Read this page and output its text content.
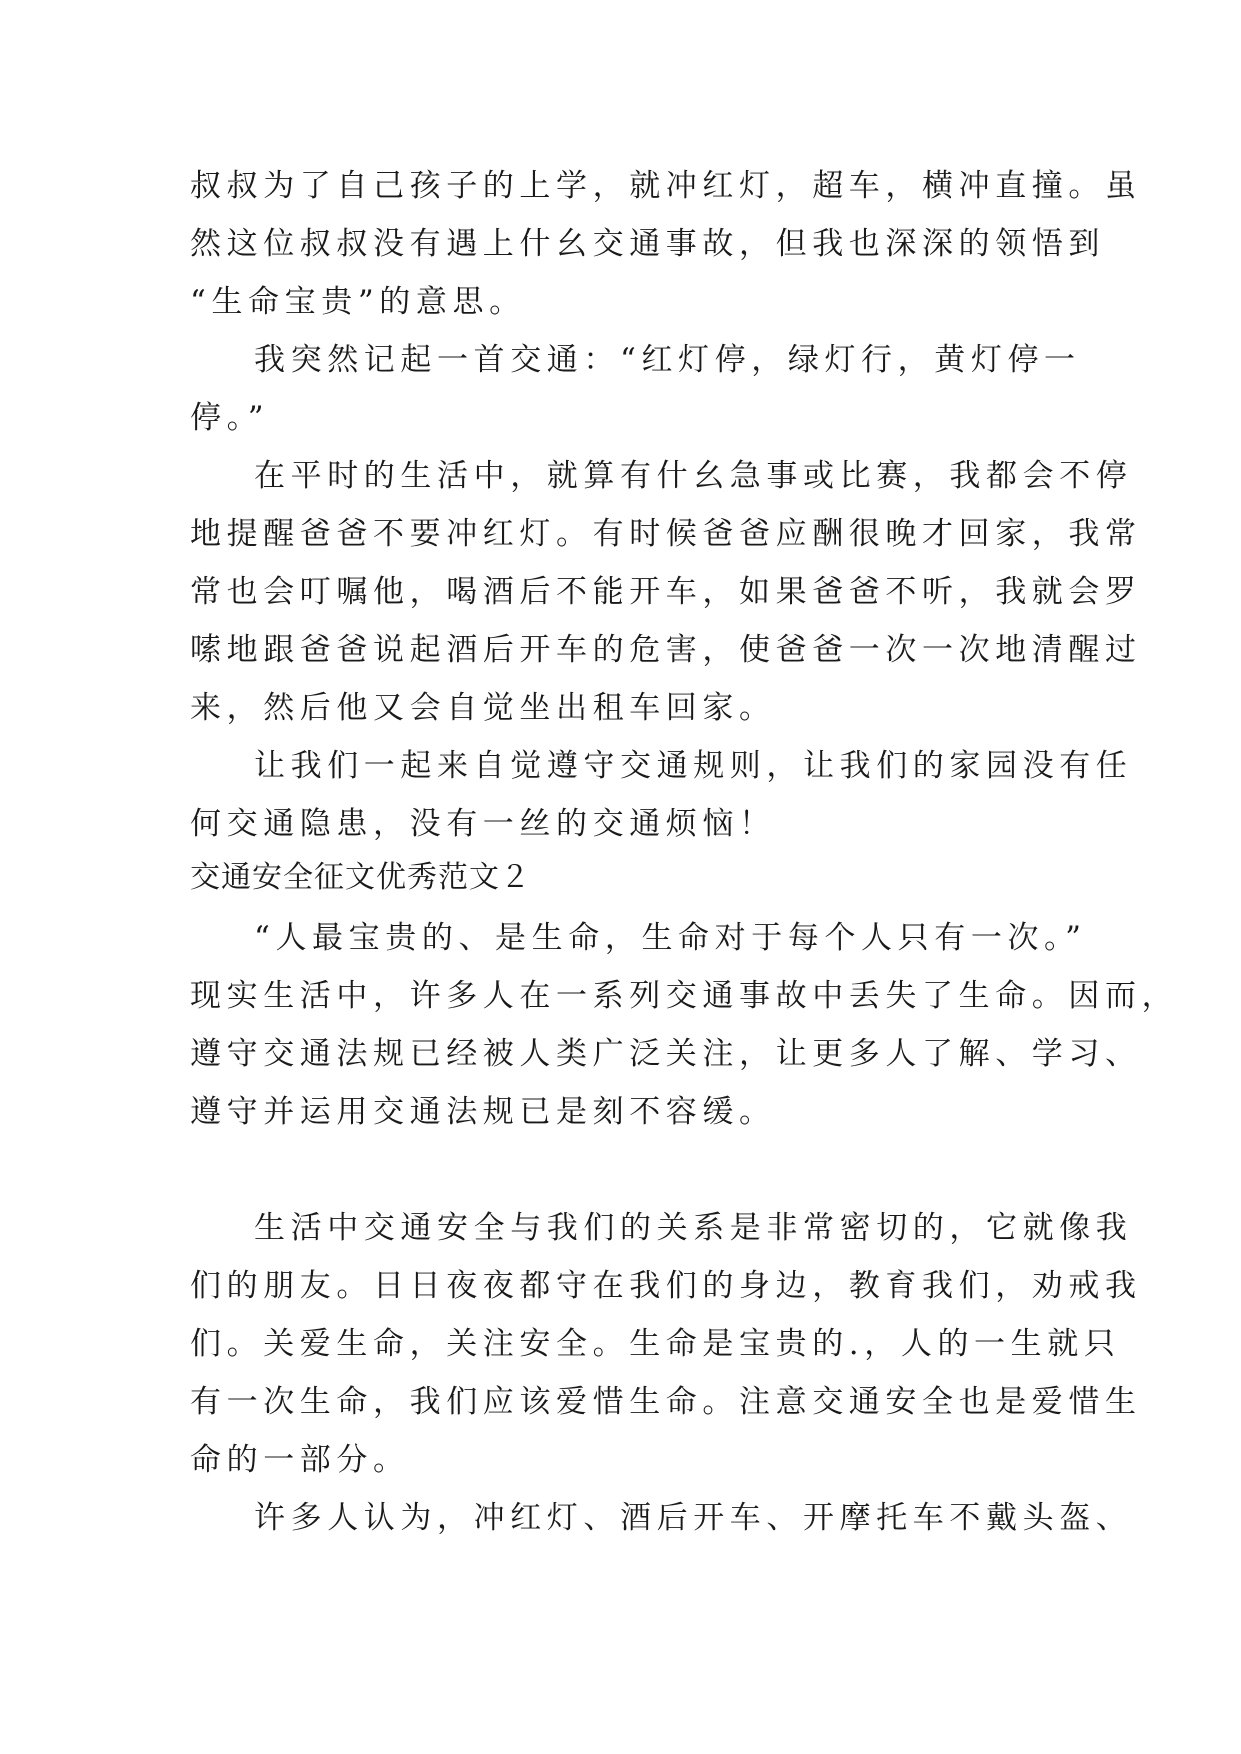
叔叔为了自己孩子的上学，就冲红灯，超车，横冲直撞。虽
然这位叔叔没有遇上什幺交通事故，但我也深深的领悟到
“生命宝贵”的意思。
我突然记起一首交通：“红灯停，绿灯行，黄灯停一
停。”
在平时的生活中，就算有什幺急事或比赛，我都会不停
地提醒爸爸不要冲红灯。有时候爸爸应酬很晚才回家，我常
常也会叮嘱他，喝酒后不能开车，如果爸爸不听，我就会罗
嗦地跟爸爸说起酒后开车的危害，使爸爸一次一次地清醒过
来，然后他又会自觉坐出租车回家。
让我们一起来自觉遵守交通规则，让我们的家园没有任
何交通隐患，没有一丝的交通烦恼！
交通安全征文优秀范文２
“人最宝贵的、是生命，生命对于每个人只有一次。”
现实生活中，许多人在一系列交通事故中丢失了生命。因而，
遵守交通法规已经被人类广泛关注，让更多人了解、学习、
遵守并运用交通法规已是刻不容缓。
生活中交通安全与我们的关系是非常密切的，它就像我
们的朋友。日日夜夜都守在我们的身边，教育我们，劝戒我
们。关爱生命，关注安全。生命是宝贵的.，人的一生就只
有一次生命，我们应该爱惜生命。注意交通安全也是爱惜生
命的一部分。
许多人认为，冲红灯、酒后开车、开摩托车不戴头盔、
